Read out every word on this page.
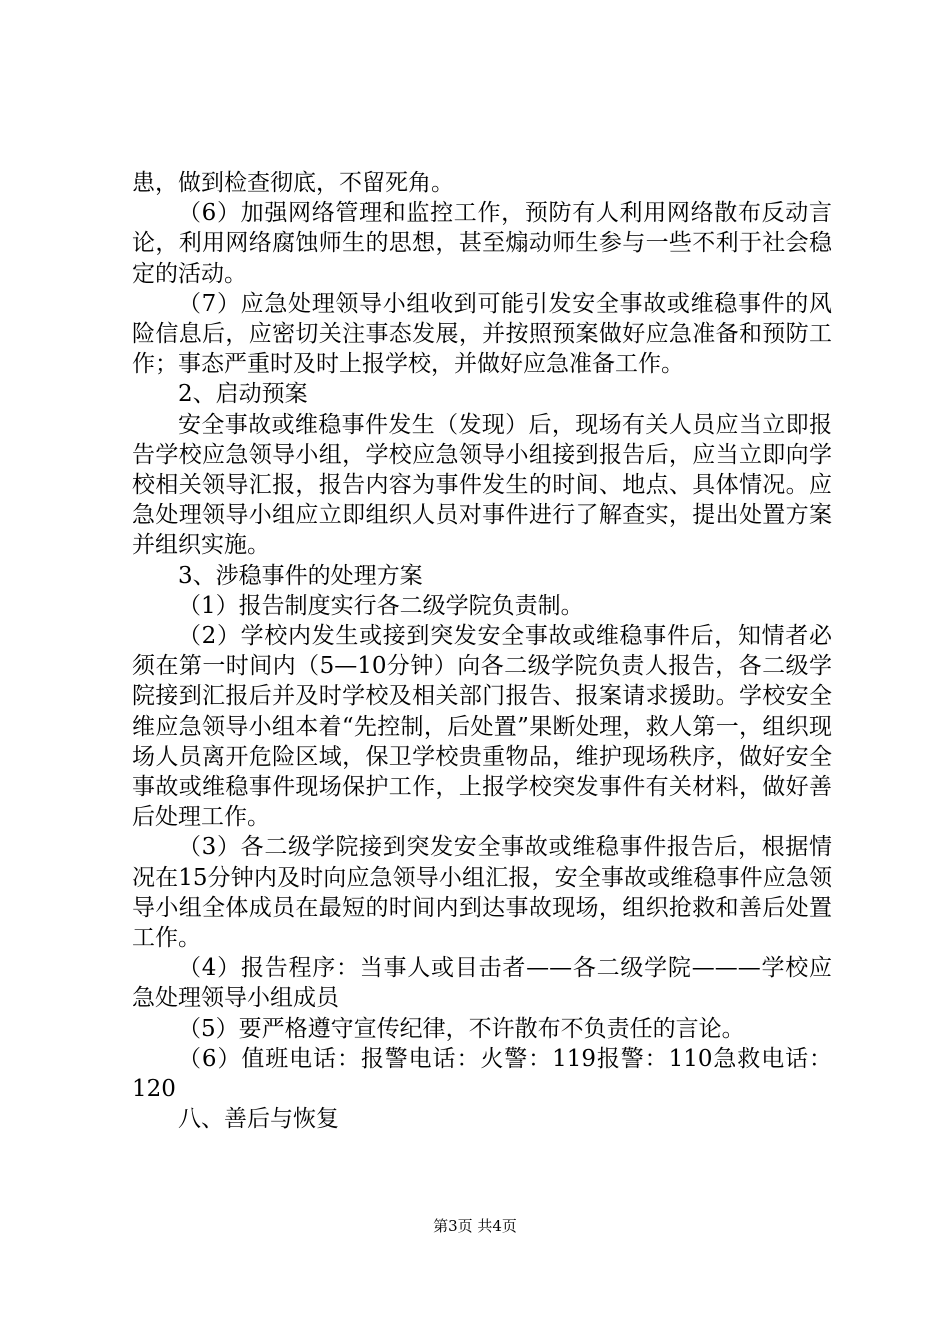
患，做到检查彻底，不留死角。

（6）加强网络管理和监控工作，预防有人利用网络散布反动言论，利用网络腐蚀师生的思想，甚至煽动师生参与一些不利于社会稳定的活动。

（7）应急处理领导小组收到可能引发安全事故或维稳事件的风险信息后，应密切关注事态发展，并按照预案做好应急准备和预防工作；事态严重时及时上报学校，并做好应急准备工作。

2、启动预案

安全事故或维稳事件发生（发现）后，现场有关人员应当立即报告学校应急领导小组，学校应急领导小组接到报告后，应当立即向学校相关领导汇报，报告内容为事件发生的时间、地点、具体情况。应急处理领导小组应立即组织人员对事件进行了解查实，提出处置方案并组织实施。

3、涉稳事件的处理方案

（1）报告制度实行各二级学院负责制。

（2）学校内发生或接到突发安全事故或维稳事件后，知情者必须在第一时间内（5—10分钟）向各二级学院负责人报告，各二级学院接到汇报后并及时学校及相关部门报告、报案请求援助。学校安全维应急领导小组本着“先控制，后处置”果断处理，救人第一，组织现场人员离开危险区域，保卫学校贵重物品，维护现场秩序，做好安全事故或维稳事件现场保护工作，上报学校突发事件有关材料，做好善后处理工作。

（3）各二级学院接到突发安全事故或维稳事件报告后，根据情况在15分钟内及时向应急领导小组汇报，安全事故或维稳事件应急领导小组全体成员在最短的时间内到达事故现场，组织抢救和善后处置工作。

（4）报告程序：当事人或目击者——各二级学院———学校应急处理领导小组成员

（5）要严格遵守宣传纪律，不许散布不负责任的言论。

（6）值班电话：报警电话：火警：119报警：110急救电话：120

八、善后与恢复

第3页 共4页
